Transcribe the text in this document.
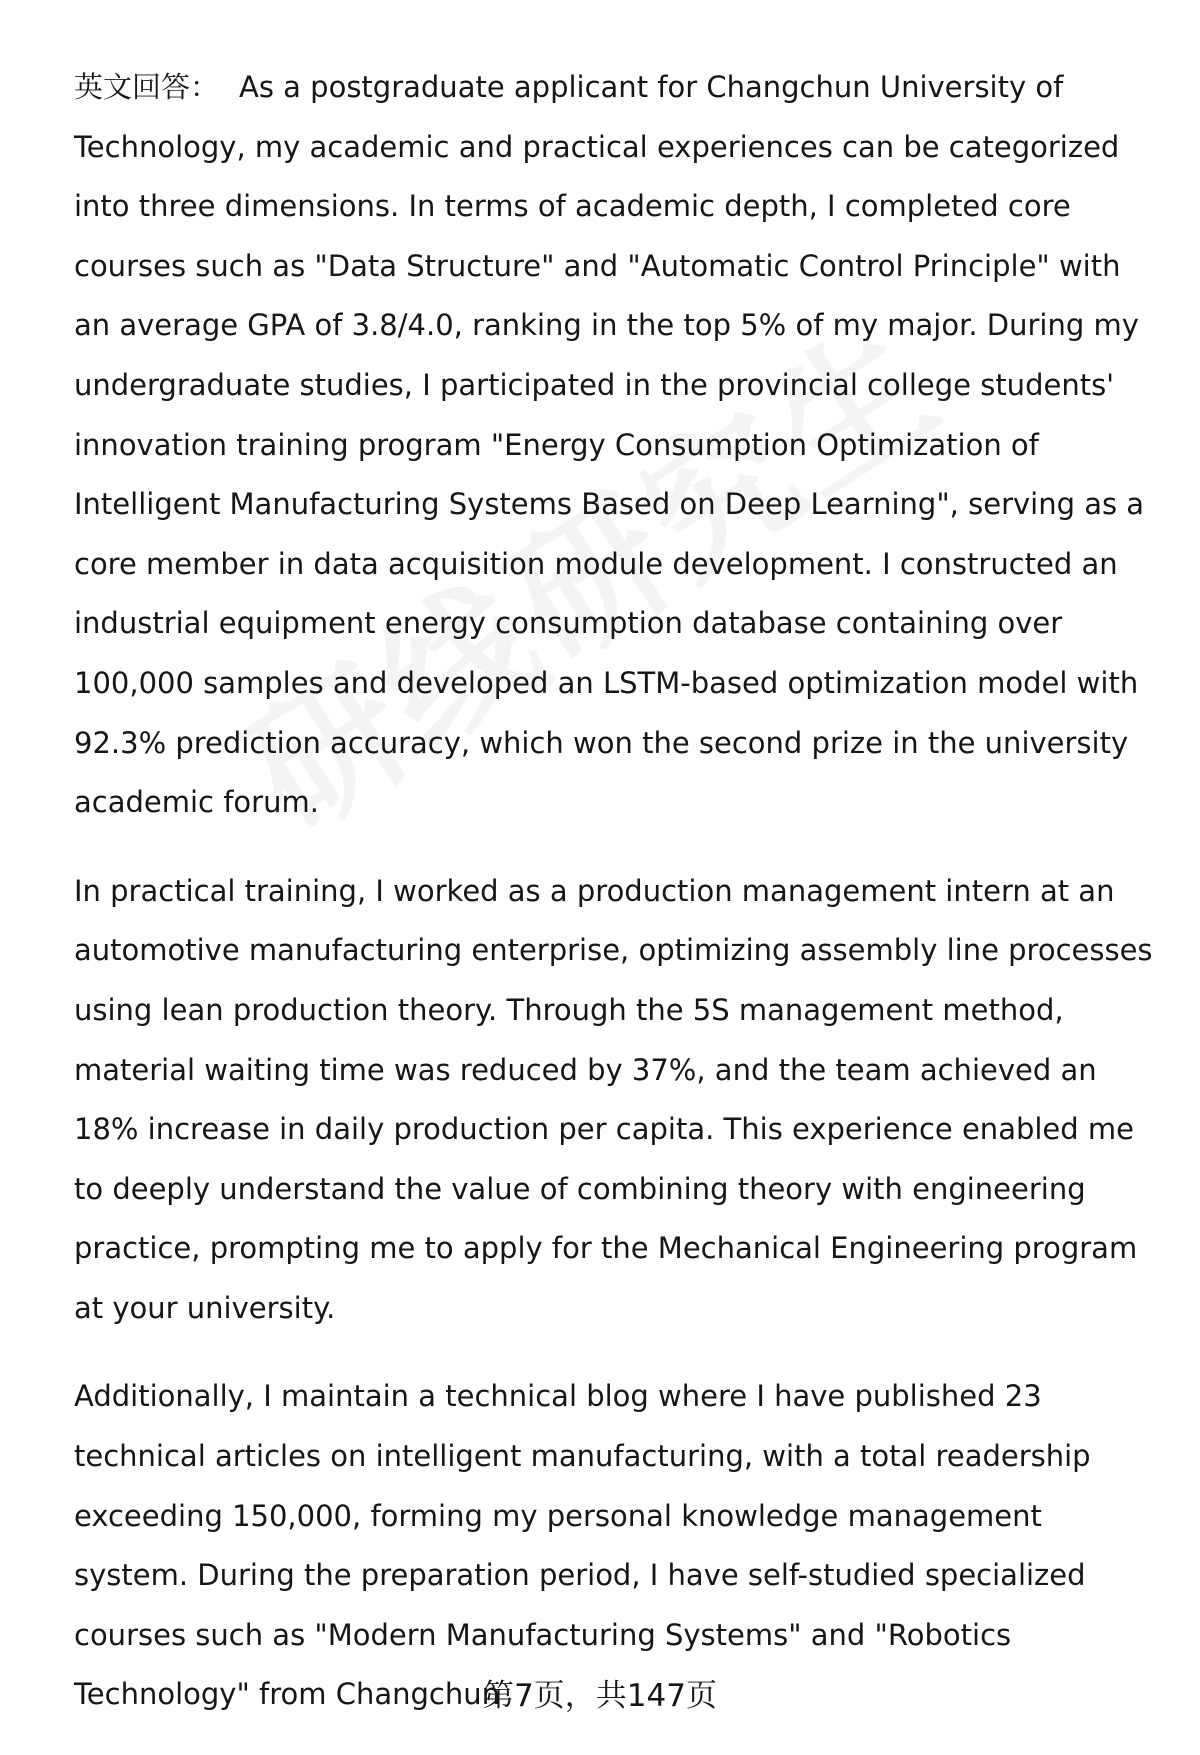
英文回答： As a postgraduate applicant for Changchun University of Technology, my academic and practical experiences can be categorized into three dimensions. In terms of academic depth, I completed core courses such as "Data Structure" and "Automatic Control Principle" with an average GPA of 3.8/4.0, ranking in the top 5% of my major. During my undergraduate studies, I participated in the provincial college students' innovation training program "Energy Consumption Optimization of Intelligent Manufacturing Systems Based on Deep Learning", serving as a core member in data acquisition module development. I constructed an industrial equipment energy consumption database containing over 100,000 samples and developed an LSTM-based optimization model with 92.3% prediction accuracy, which won the second prize in the university academic forum.

In practical training, I worked as a production management intern at an automotive manufacturing enterprise, optimizing assembly line processes using lean production theory. Through the 5S management method, material waiting time was reduced by 37%, and the team achieved an 18% increase in daily production per capita. This experience enabled me to deeply understand the value of combining theory with engineering practice, prompting me to apply for the Mechanical Engineering program at your university.

Additionally, I maintain a technical blog where I have published 23 technical articles on intelligent manufacturing, with a total readership exceeding 150,000, forming my personal knowledge management system. During the preparation period, I have self-studied specialized courses such as "Modern Manufacturing Systems" and "Robotics Technology" from Changchun

第7页，共147页
